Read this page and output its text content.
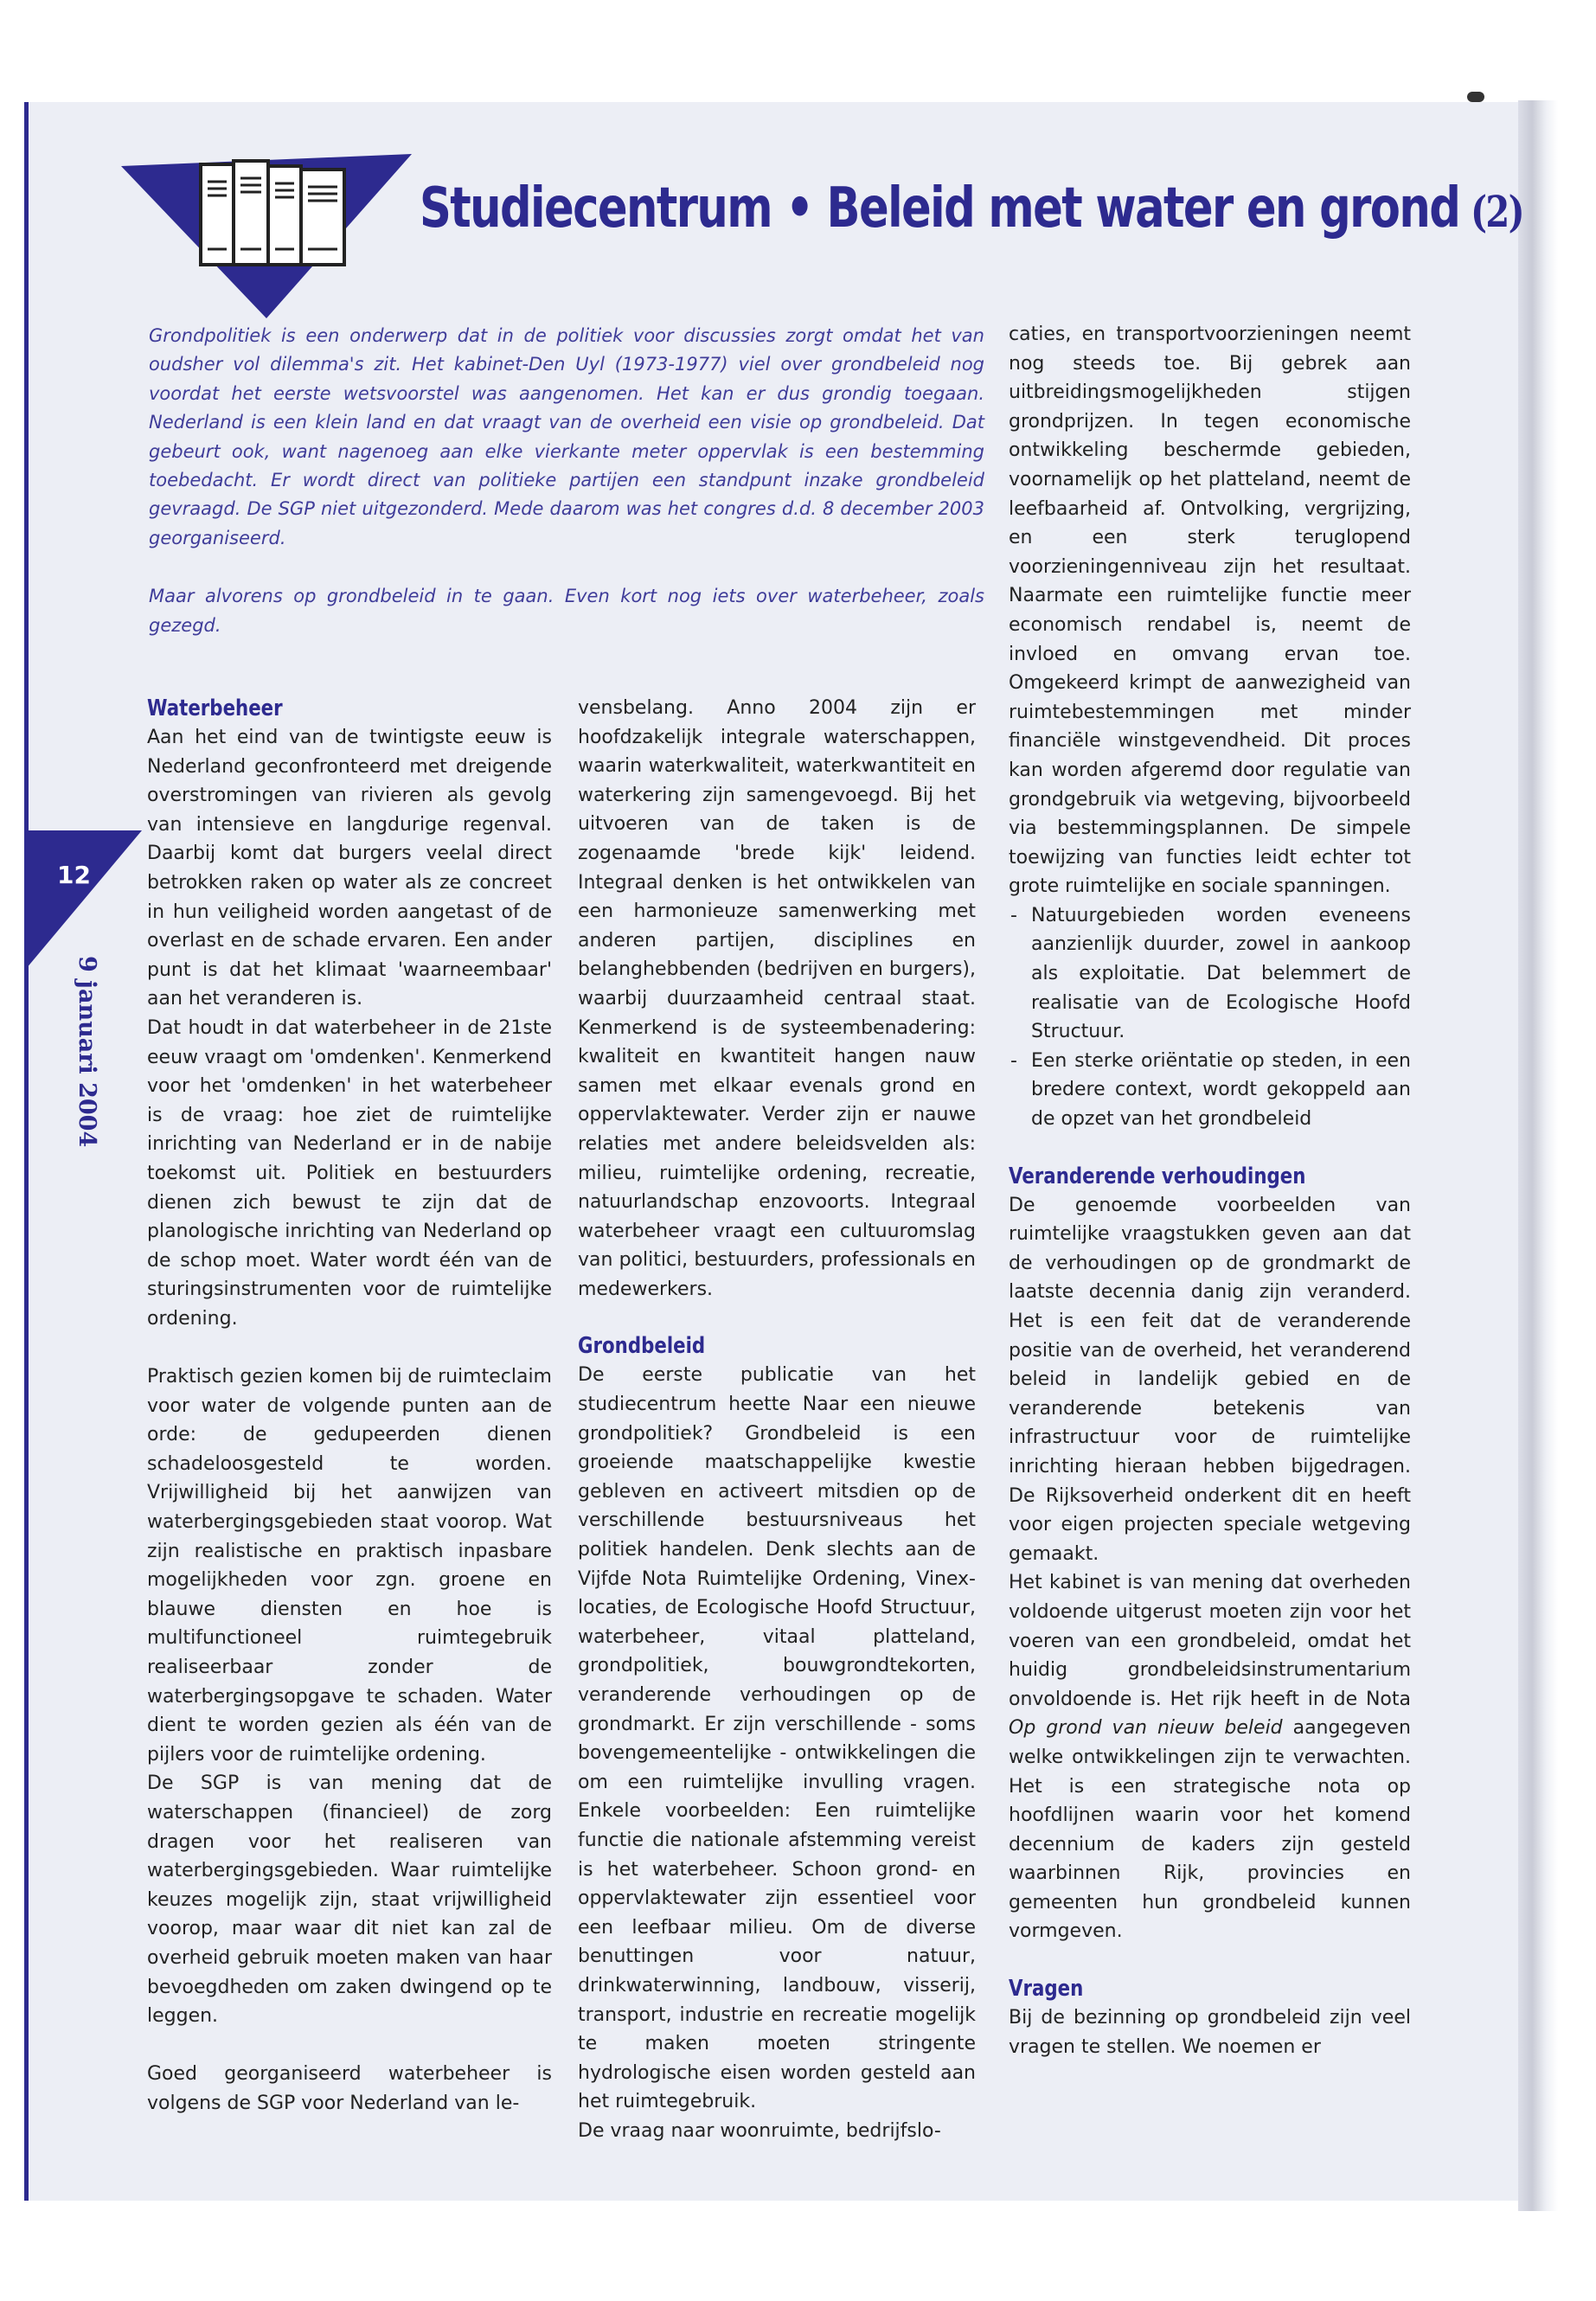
Studiecentrum • Beleid met water en grond (2)

Grondpolitiek is een onderwerp dat in de politiek voor discussies zorgt omdat het van oudsher vol dilemma's zit. Het kabinet-Den Uyl (1973-1977) viel over grondbeleid nog voordat het eerste wetsvoorstel was aangenomen. Het kan er dus grondig toegaan. Nederland is een klein land en dat vraagt van de overheid een visie op grondbeleid. Dat gebeurt ook, want nagenoeg aan elke vierkante meter oppervlak is een bestemming toebedacht. Er wordt direct van politieke partijen een standpunt inzake grondbeleid gevraagd. De SGP niet uitgezonderd. Mede daarom was het congres d.d. 8 december 2003 georganiseerd.

Maar alvorens op grondbeleid in te gaan. Even kort nog iets over waterbeheer, zoals gezegd.

Waterbeheer

Aan het eind van de twintigste eeuw is Nederland geconfronteerd met dreigende overstromingen van rivieren als gevolg van intensieve en langdurige regenval. Daarbij komt dat burgers veelal direct betrokken raken op water als ze concreet in hun veiligheid worden aangetast of de overlast en de schade ervaren. Een ander punt is dat het klimaat 'waarneembaar' aan het veranderen is.

Dat houdt in dat waterbeheer in de 21ste eeuw vraagt om 'omdenken'. Kenmerkend voor het 'omdenken' in het waterbeheer is de vraag: hoe ziet de ruimtelijke inrichting van Nederland er in de nabije toekomst uit. Politiek en bestuurders dienen zich bewust te zijn dat de planologische inrichting van Nederland op de schop moet. Water wordt één van de sturingsinstrumenten voor de ruimtelijke ordening.

Praktisch gezien komen bij de ruimteclaim voor water de volgende punten aan de orde: de gedupeerden dienen schadeloosgesteld te worden. Vrijwilligheid bij het aanwijzen van waterbergingsgebieden staat voorop. Wat zijn realistische en praktisch inpasbare mogelijkheden voor zgn. groene en blauwe diensten en hoe is multifunctioneel ruimtegebruik realiseerbaar zonder de waterbergingsopgave te schaden. Water dient te worden gezien als één van de pijlers voor de ruimtelijke ordening.

De SGP is van mening dat de waterschappen (financieel) de zorg dragen voor het realiseren van waterbergingsgebieden. Waar ruimtelijke keuzes mogelijk zijn, staat vrijwilligheid voorop, maar waar dit niet kan zal de overheid gebruik moeten maken van haar bevoegdheden om zaken dwingend op te leggen.

Goed georganiseerd waterbeheer is volgens de SGP voor Nederland van le-

vensbelang. Anno 2004 zijn er hoofdzakelijk integrale waterschappen, waarin waterkwaliteit, waterkwantiteit en waterkering zijn samengevoegd. Bij het uitvoeren van de taken is de zogenaamde 'brede kijk' leidend. Integraal denken is het ontwikkelen van een harmonieuze samenwerking met anderen partijen, disciplines en belanghebbenden (bedrijven en burgers), waarbij duurzaamheid centraal staat. Kenmerkend is de systeembenadering: kwaliteit en kwantiteit hangen nauw samen met elkaar evenals grond en oppervlaktewater. Verder zijn er nauwe relaties met andere beleidsvelden als: milieu, ruimtelijke ordening, recreatie, natuurlandschap enzovoorts. Integraal waterbeheer vraagt een cultuuromslag van politici, bestuurders, professionals en medewerkers.

Grondbeleid

De eerste publicatie van het studiecentrum heette Naar een nieuwe grondpolitiek? Grondbeleid is een groeiende maatschappelijke kwestie gebleven en activeert mitsdien op de verschillende bestuursniveaus het politiek handelen. Denk slechts aan de Vijfde Nota Ruimtelijke Ordening, Vinex-locaties, de Ecologische Hoofd Structuur, waterbeheer, vitaal platteland, grondpolitiek, bouwgrondtekorten, veranderende verhoudingen op de grondmarkt. Er zijn verschillende - soms bovengemeentelijke - ontwikkelingen die om een ruimtelijke invulling vragen. Enkele voorbeelden: Een ruimtelijke functie die nationale afstemming vereist is het waterbeheer. Schoon grond- en oppervlaktewater zijn essentieel voor een leefbaar milieu. Om de diverse benuttingen voor natuur, drinkwaterwinning, landbouw, visserij, transport, industrie en recreatie mogelijk te maken moeten stringente hydrologische eisen worden gesteld aan het ruimtegebruik.

De vraag naar woonruimte, bedrijfslo-

caties, en transportvoorzieningen neemt nog steeds toe. Bij gebrek aan uitbreidingsmogelijkheden stijgen grondprijzen. In tegen economische ontwikkeling beschermde gebieden, voornamelijk op het platteland, neemt de leefbaarheid af. Ontvolking, vergrijzing, en een sterk teruglopend voorzieningenniveau zijn het resultaat. Naarmate een ruimtelijke functie meer economisch rendabel is, neemt de invloed en omvang ervan toe. Omgekeerd krimpt de aanwezigheid van ruimtebestemmingen met minder financiële winstgevendheid. Dit proces kan worden afgeremd door regulatie van grondgebruik via wetgeving, bijvoorbeeld via bestemmingsplannen. De simpele toewijzing van functies leidt echter tot grote ruimtelijke en sociale spanningen.

- Natuurgebieden worden eveneens aanzienlijk duurder, zowel in aankoop als exploitatie. Dat belemmert de realisatie van de Ecologische Hoofd Structuur.
- Een sterke oriëntatie op steden, in een bredere context, wordt gekoppeld aan de opzet van het grondbeleid
Veranderende verhoudingen

De genoemde voorbeelden van ruimtelijke vraagstukken geven aan dat de verhoudingen op de grondmarkt de laatste decennia danig zijn veranderd. Het is een feit dat de veranderende positie van de overheid, het veranderend beleid in landelijk gebied en de veranderende betekenis van infrastructuur voor de ruimtelijke inrichting hieraan hebben bijgedragen. De Rijksoverheid onderkent dit en heeft voor eigen projecten speciale wetgeving gemaakt.

Het kabinet is van mening dat overheden voldoende uitgerust moeten zijn voor het voeren van een grondbeleid, omdat het huidig grondbeleidsinstrumentarium onvoldoende is. Het rijk heeft in de Nota Op grond van nieuw beleid aangegeven welke ontwikkelingen zijn te verwachten. Het is een strategische nota op hoofdlijnen waarin voor het komend decennium de kaders zijn gesteld waarbinnen Rijk, provincies en gemeenten hun grondbeleid kunnen vormgeven.

Vragen

Bij de bezinning op grondbeleid zijn veel vragen te stellen. We noemen er

12
9 januari 2004
